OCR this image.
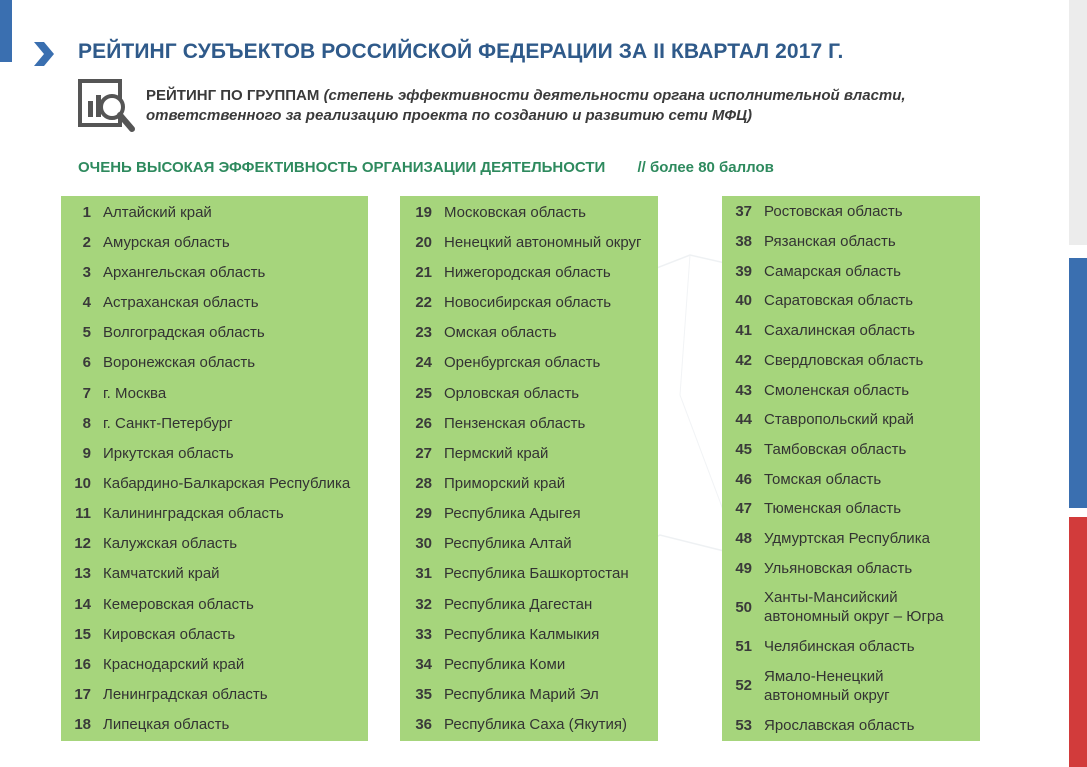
РЕЙТИНГ СУБЪЕКТОВ РОССИЙСКОЙ ФЕДЕРАЦИИ ЗА II КВАРТАЛ 2017 Г.
РЕЙТИНГ ПО ГРУППАМ (степень эффективности деятельности органа исполнительной власти,
ответственного за реализацию проекта по созданию и развитию сети МФЦ)
ОЧЕНЬ ВЫСОКАЯ ЭФФЕКТИВНОСТЬ ОРГАНИЗАЦИИ ДЕЯТЕЛЬНОСТИ // более 80 баллов
1 Алтайский край
2 Амурская область
3 Архангельская область
4 Астраханская область
5 Волгоградская область
6 Воронежская область
7 г. Москва
8 г. Санкт-Петербург
9 Иркутская область
10 Кабардино-Балкарская Республика
11 Калининградская область
12 Калужская область
13 Камчатский край
14 Кемеровская область
15 Кировская область
16 Краснодарский край
17 Ленинградская область
18 Липецкая область
19 Московская область
20 Ненецкий автономный округ
21 Нижегородская область
22 Новосибирская область
23 Омская область
24 Оренбургская область
25 Орловская область
26 Пензенская область
27 Пермский край
28 Приморский край
29 Республика Адыгея
30 Республика Алтай
31 Республика Башкортостан
32 Республика Дагестан
33 Республика Калмыкия
34 Республика Коми
35 Республика Марий Эл
36 Республика Саха (Якутия)
37 Ростовская область
38 Рязанская область
39 Самарская область
40 Саратовская область
41 Сахалинская область
42 Свердловская область
43 Смоленская область
44 Ставропольский край
45 Тамбовская область
46 Томская область
47 Тюменская область
48 Удмуртская Республика
49 Ульяновская область
50
Ханты-Мансийский
автономный округ – Югра
51 Челябинская область
52
Ямало-Ненецкий
автономный округ
53 Ярославская область
